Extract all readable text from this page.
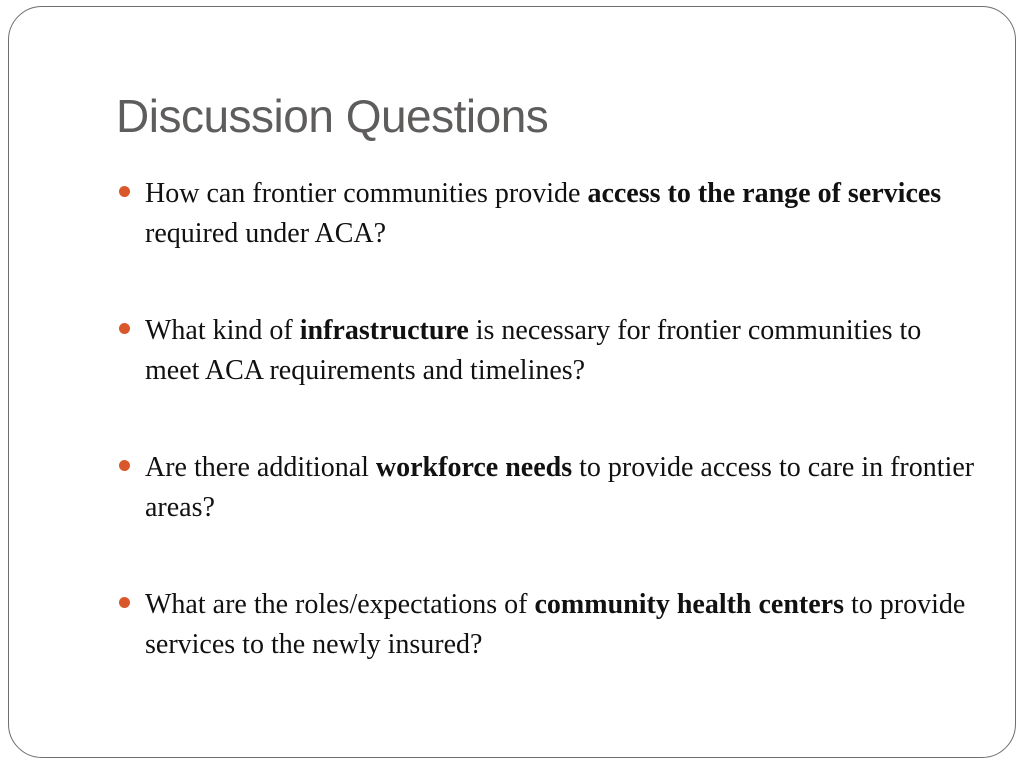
Discussion Questions
How can frontier communities provide access to the range of services required under ACA?
What kind of infrastructure is necessary for frontier communities to meet ACA requirements and timelines?
Are there additional workforce needs to provide access to care in frontier areas?
What are the roles/expectations of community health centers to provide services to the newly insured?
